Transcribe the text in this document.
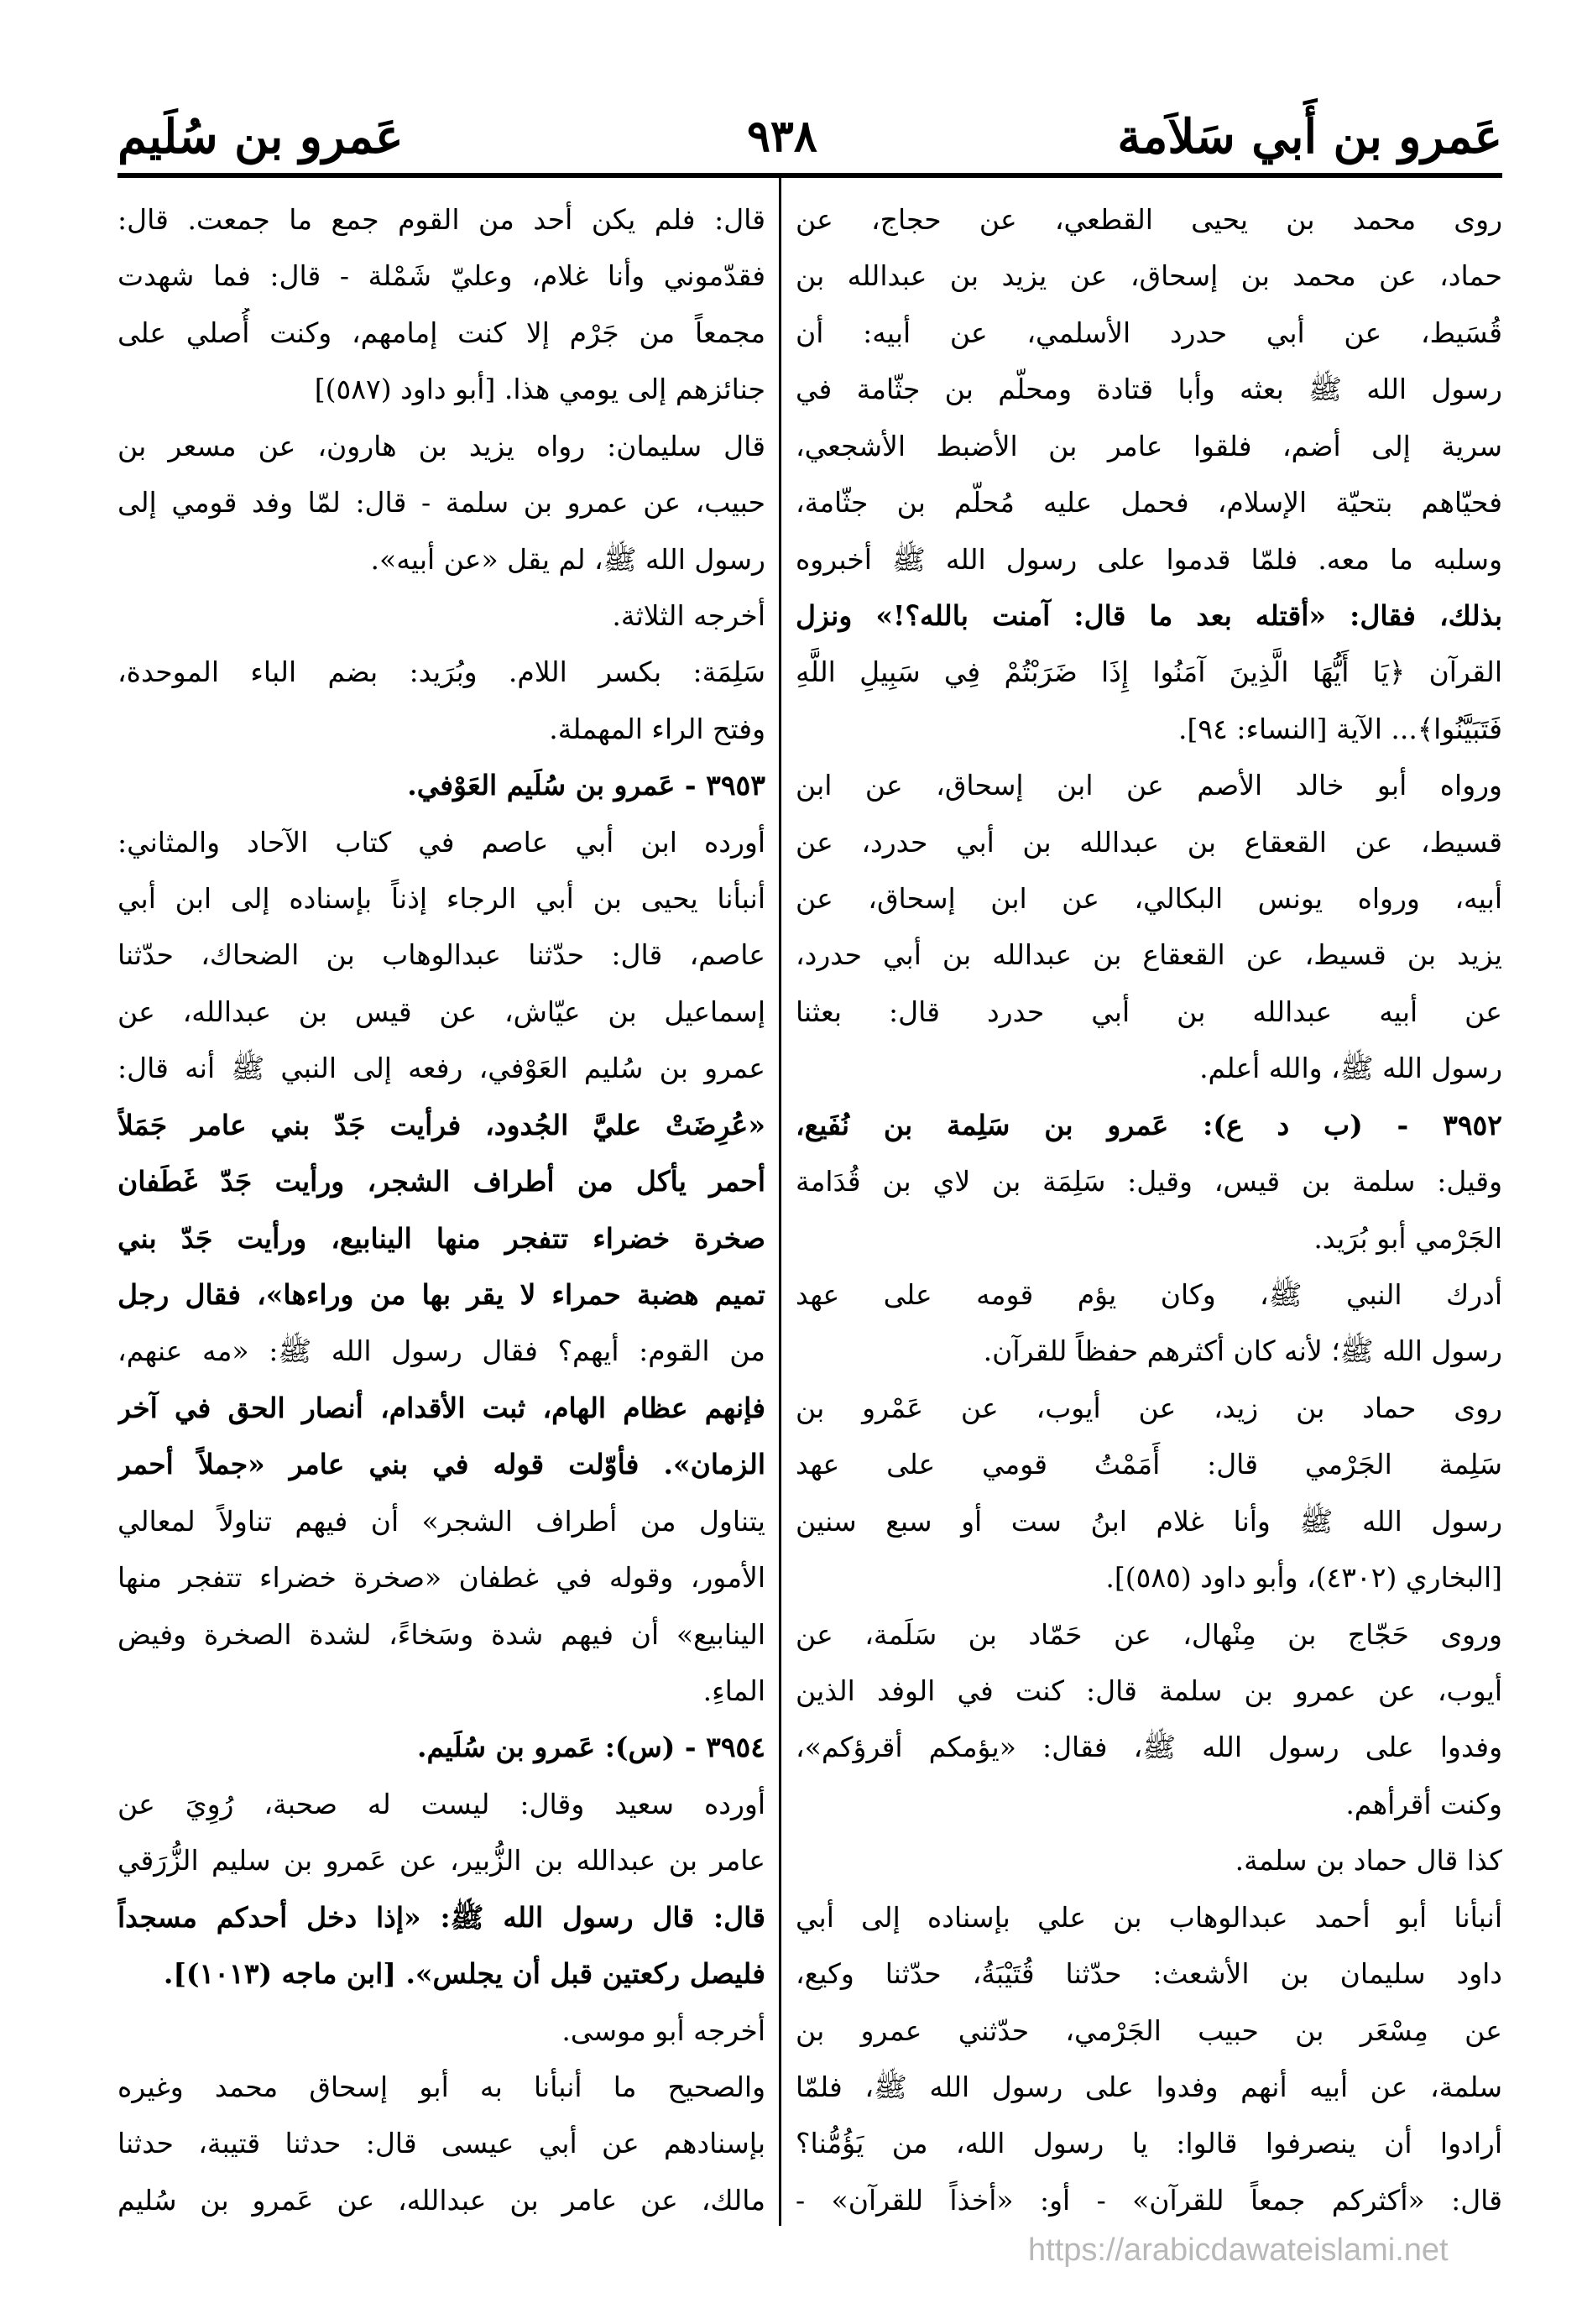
عَمرو بن أَبي سَلاَمة
٩٣٨
عَمرو بن سُلَيم
روى محمد بن يحيى القطعي، عن حجاج، عن
حماد، عن محمد بن إسحاق، عن يزيد بن عبدالله بن
قُسَيط، عن أبي حدرد الأسلمي، عن أبيه: أن
رسول الله ﷺ بعثه وأبا قتادة ومحلّم بن جثّامة في
سرية إلى أضم، فلقوا عامر بن الأضبط الأشجعي،
فحيّاهم بتحيّة الإسلام، فحمل عليه مُحلّم بن جثّامة،
وسلبه ما معه. فلمّا قدموا على رسول الله ﷺ أخبروه
بذلك، فقال: «أقتله بعد ما قال: آمنت بالله؟!» ونزل
القرآن ﴿يَا أَيُّهَا الَّذِينَ آمَنُوا إِذَا ضَرَبْتُمْ فِي سَبِيلِ اللَّهِ
فَتَبَيَّنُوا﴾... الآية [النساء: ٩٤].
ورواه أبو خالد الأصم عن ابن إسحاق، عن ابن
قسيط، عن القعقاع بن عبدالله بن أبي حدرد، عن
أبيه، ورواه يونس البكالي، عن ابن إسحاق، عن
يزيد بن قسيط، عن القعقاع بن عبدالله بن أبي حدرد،
عن أبيه عبدالله بن أبي حدرد قال: بعثنا
رسول الله ﷺ، والله أعلم.
٣٩٥٢ - (ب د ع): عَمرو بن سَلِمة بن نُفَيع،
وقيل: سلمة بن قيس، وقيل: سَلِمَة بن لاي بن قُدَامة
الجَرْمي أبو بُرَيد.
أدرك النبي ﷺ، وكان يؤم قومه على عهد
رسول الله ﷺ؛ لأنه كان أكثرهم حفظاً للقرآن.
روى حماد بن زيد، عن أيوب، عن عَمْرو بن
سَلِمة الجَرْمي قال: أَمَمْتُ قومي على عهد
رسول الله ﷺ وأنا غلام ابنُ ست أو سبع سنين
[البخاري (٤٣٠٢)، وأبو داود (٥٨٥)].
وروى حَجّاج بن مِنْهال، عن حَمّاد بن سَلَمة، عن
أيوب، عن عمرو بن سلمة قال: كنت في الوفد الذين
وفدوا على رسول الله ﷺ، فقال: «يؤمكم أقرؤكم»،
وكنت أقرأهم.
كذا قال حماد بن سلمة.
أنبأنا أبو أحمد عبدالوهاب بن علي بإسناده إلى أبي
داود سليمان بن الأشعث: حدّثنا قُتَيْبَةُ، حدّثنا وكيع،
عن مِسْعَر بن حبيب الجَرْمي، حدّثني عمرو بن
سلمة، عن أبيه أنهم وفدوا على رسول الله ﷺ، فلمّا
أرادوا أن ينصرفوا قالوا: يا رسول الله، من يَؤُمُّنا؟
قال: «أكثركم جمعاً للقرآن» - أو: «أخذاً للقرآن» -
قال: فلم يكن أحد من القوم جمع ما جمعت. قال:
فقدّموني وأنا غلام، وعليّ شَمْلة - قال: فما شهدت
مجمعاً من جَرْم إلا كنت إمامهم، وكنت أُصلي على
جنائزهم إلى يومي هذا. [أبو داود (٥٨٧)]
قال سليمان: رواه يزيد بن هارون، عن مسعر بن
حبيب، عن عمرو بن سلمة - قال: لمّا وفد قومي إلى
رسول الله ﷺ، لم يقل «عن أبيه».
أخرجه الثلاثة.
سَلِمَة: بكسر اللام. وبُرَيد: بضم الباء الموحدة،
وفتح الراء المهملة.
٣٩٥٣ - عَمرو بن سُلَيم العَوْفي.
أورده ابن أبي عاصم في كتاب الآحاد والمثاني:
أنبأنا يحيى بن أبي الرجاء إذناً بإسناده إلى ابن أبي
عاصم، قال: حدّثنا عبدالوهاب بن الضحاك، حدّثنا
إسماعيل بن عيّاش، عن قيس بن عبدالله، عن
عمرو بن سُليم العَوْفي، رفعه إلى النبي ﷺ أنه قال:
«عُرِضَتْ عليَّ الجُدود، فرأيت جَدّ بني عامر جَمَلاً
أحمر يأكل من أطراف الشجر، ورأيت جَدّ غَطَفان
صخرة خضراء تتفجر منها الينابيع، ورأيت جَدّ بني
تميم هضبة حمراء لا يقر بها من وراءها»، فقال رجل
من القوم: أيهم؟ فقال رسول الله ﷺ: «مه عنهم،
فإنهم عظام الهام، ثبت الأقدام، أنصار الحق في آخر
الزمان». فأوّلت قوله في بني عامر «جملاً أحمر
يتناول من أطراف الشجر» أن فيهم تناولاً لمعالي
الأمور، وقوله في غطفان «صخرة خضراء تتفجر منها
الينابيع» أن فيهم شدة وسَخاءً، لشدة الصخرة وفيض
الماءِ.
٣٩٥٤ - (س): عَمرو بن سُلَيم.
أورده سعيد وقال: ليست له صحبة، رُوِيَ عن
عامر بن عبدالله بن الزُّبير، عن عَمرو بن سليم الزُّرَقي
قال: قال رسول الله ﷺ: «إذا دخل أحدكم مسجداً
فليصل ركعتين قبل أن يجلس». [ابن ماجه (١٠١٣)].
أخرجه أبو موسى.
والصحيح ما أنبأنا به أبو إسحاق محمد وغيره
بإسنادهم عن أبي عيسى قال: حدثنا قتيبة، حدثنا
مالك، عن عامر بن عبدالله، عن عَمرو بن سُليم
https://arabicdawateislami.net
